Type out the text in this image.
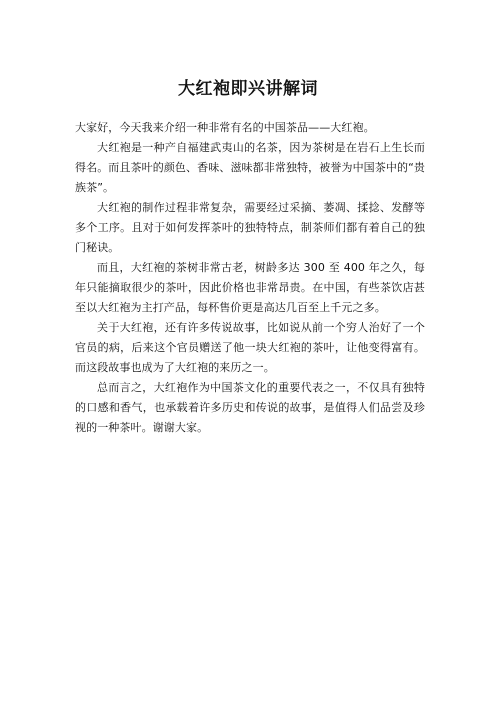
大红袍即兴讲解词

大家好，今天我来介绍一种非常有名的中国茶品——大红袍。

大红袍是一种产自福建武夷山的名茶，因为茶树是在岩石上生长而得名。而且茶叶的颜色、香味、滋味都非常独特，被誉为中国茶中的“贵族茶”。

大红袍的制作过程非常复杂，需要经过采摘、萎凋、揉捻、发酵等多个工序。且对于如何发挥茶叶的独特特点，制茶师们都有着自己的独门秘诀。

而且，大红袍的茶树非常古老，树龄多达 300 至 400 年之久，每年只能摘取很少的茶叶，因此价格也非常昂贵。在中国，有些茶饮店甚至以大红袍为主打产品，每杯售价更是高达几百至上千元之多。

关于大红袍，还有许多传说故事，比如说从前一个穷人治好了一个官员的病，后来这个官员赠送了他一块大红袍的茶叶，让他变得富有。而这段故事也成为了大红袍的来历之一。

总而言之，大红袍作为中国茶文化的重要代表之一，不仅具有独特的口感和香气，也承载着许多历史和传说的故事，是值得人们品尝及珍视的一种茶叶。谢谢大家。
